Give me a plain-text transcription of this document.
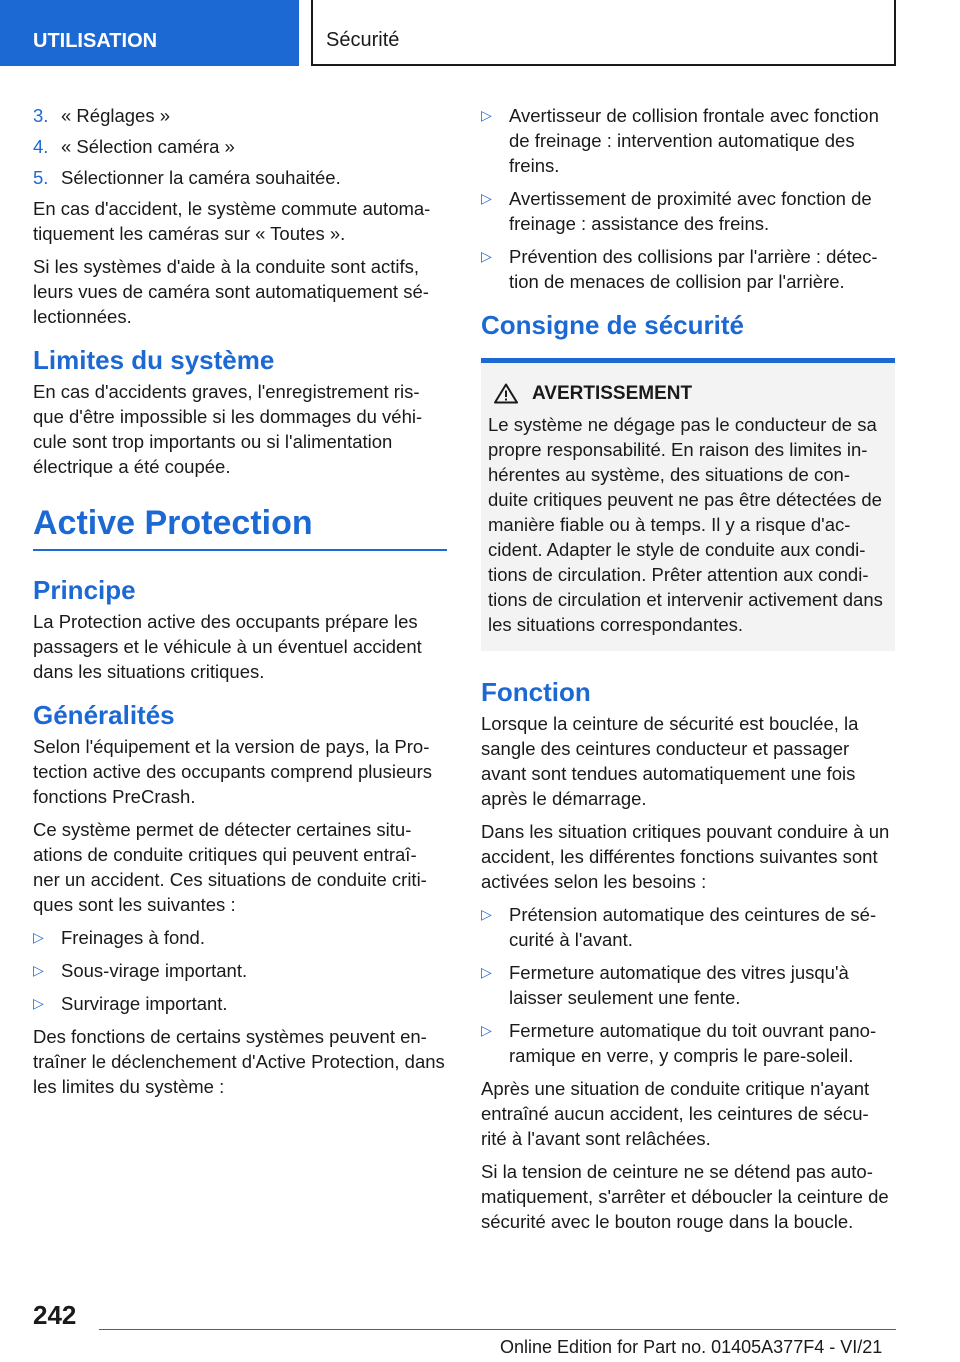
UTILISATION	Sécurité
3. « Réglages »
4. « Sélection caméra »
5. Sélectionner la caméra souhaitée.

En cas d'accident, le système commute automa- tiquement les caméras sur « Toutes ».

Si les systèmes d'aide à la conduite sont actifs, leurs vues de caméra sont automatiquement sé- lectionnées.

Limites du système

En cas d'accidents graves, l'enregistrement ris- que d'être impossible si les dommages du véhi- cule sont trop importants ou si l'alimentation électrique a été coupée.

Active Protection
Principe

La Protection active des occupants prépare les passagers et le véhicule à un éventuel accident dans les situations critiques.

Généralités

Selon l'équipement et la version de pays, la Pro- tection active des occupants comprend plusieurs fonctions PreCrash.

Ce système permet de détecter certaines situ- ations de conduite critiques qui peuvent entraî- ner un accident. Ces situations de conduite criti- ques sont les suivantes :

▷ Freinages à fond.
▷ Sous-virage important.
▷ Survirage important.

Des fonctions de certains systèmes peuvent en- traîner le déclenchement d'Active Protection, dans les limites du système :

▷ Avertisseur de collision frontale avec fonction de freinage : intervention automatique des freins.
▷ Avertissement de proximité avec fonction de freinage : assistance des freins.
▷ Prévention des collisions par l'arrière : détec- tion de menaces de collision par l'arrière.
Consigne de sécurité
AVERTISSEMENT
Le système ne dégage pas le conducteur de sa propre responsabilité. En raison des limites in- hérentes au système, des situations de con- duite critiques peuvent ne pas être détectées de manière fiable ou à temps. Il y a risque d'ac- cident. Adapter le style de conduite aux condi- tions de circulation. Prêter attention aux condi- tions de circulation et intervenir activement dans les situations correspondantes.
Fonction

Lorsque la ceinture de sécurité est bouclée, la sangle des ceintures conducteur et passager avant sont tendues automatiquement une fois après le démarrage.

Dans les situation critiques pouvant conduire à un accident, les différentes fonctions suivantes sont activées selon les besoins :

▷ Prétension automatique des ceintures de sé- curité à l'avant.
▷ Fermeture automatique des vitres jusqu'à laisser seulement une fente.
▷ Fermeture automatique du toit ouvrant pano- ramique en verre, y compris le pare-soleil.

Après une situation de conduite critique n'ayant entraîné aucun accident, les ceintures de sécu- rité à l'avant sont relâchées.

Si la tension de ceinture ne se détend pas auto- matiquement, s'arrêter et déboucler la ceinture de sécurité avec le bouton rouge dans la boucle.

242
Online Edition for Part no. 01405A377F4 - VI/21
